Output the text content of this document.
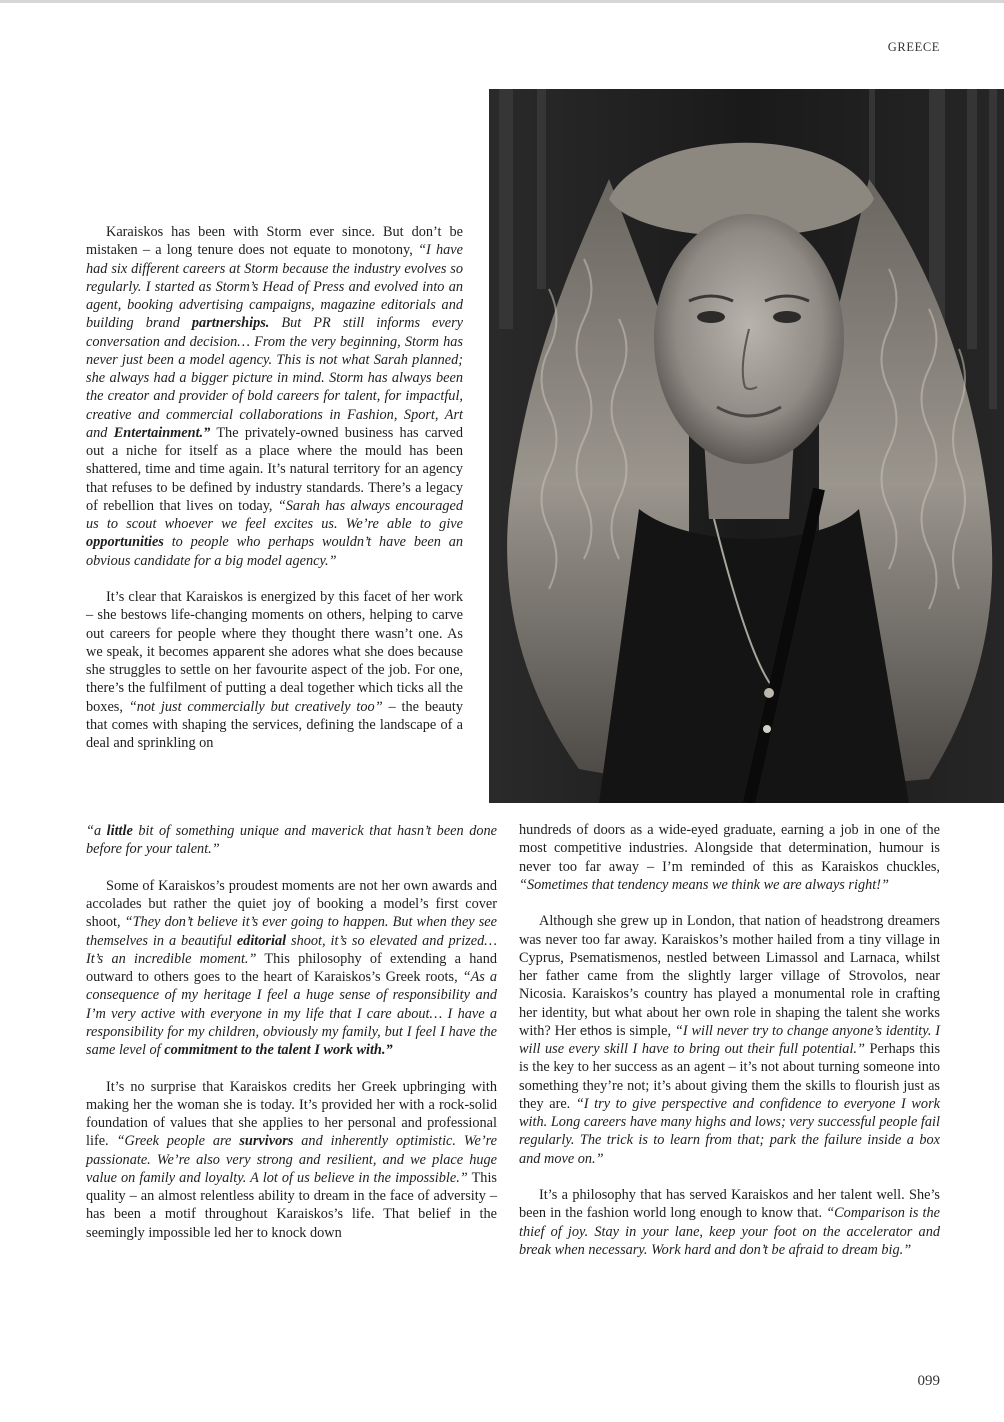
GREECE

Karaiskos has been with Storm ever since. But don’t be mistaken – a long tenure does not equate to monotony, “I have had six different careers at Storm because the industry evolves so regularly. I started as Storm’s Head of Press and evolved into an agent, booking advertising campaigns, magazine editorials and building brand partnerships. But PR still informs every conversation and decision… From the very beginning, Storm has never just been a model agency. This is not what Sarah planned; she always had a bigger picture in mind. Storm has always been the creator and provider of bold careers for talent, for impactful, creative and commercial collaborations in Fashion, Sport, Art and Entertainment.” The privately-owned business has carved out a niche for itself as a place where the mould has been shattered, time and time again. It’s natural territory for an agency that refuses to be defined by industry standards. There’s a legacy of rebellion that lives on today, “Sarah has always encouraged us to scout whoever we feel excites us. We’re able to give opportunities to people who perhaps wouldn’t have been an obvious candidate for a big model agency.”

It’s clear that Karaiskos is energized by this facet of her work – she bestows life-changing moments on others, helping to carve out careers for people where they thought there wasn’t one. As we speak, it becomes apparent she adores what she does because she struggles to settle on her favourite aspect of the job. For one, there’s the fulfilment of putting a deal together which ticks all the boxes, “not just commercially but creatively too” – the beauty that comes with shaping the services, defining the landscape of a deal and sprinkling on

“a little bit of something unique and maverick that hasn’t been done before for your talent.”

Some of Karaiskos’s proudest moments are not her own awards and accolades but rather the quiet joy of booking a model’s first cover shoot, “They don’t believe it’s ever going to happen. But when they see themselves in a beautiful editorial shoot, it’s so elevated and prized… It’s an incredible moment.” This philosophy of extending a hand outward to others goes to the heart of Karaiskos’s Greek roots, “As a consequence of my heritage I feel a huge sense of responsibility and I’m very active with everyone in my life that I care about… I have a responsibility for my children, obviously my family, but I feel I have the same level of commitment to the talent I work with.”

It’s no surprise that Karaiskos credits her Greek upbringing with making her the woman she is today. It’s provided her with a rock-solid foundation of values that she applies to her personal and professional life. “Greek people are survivors and inherently optimistic. We’re passionate. We’re also very strong and resilient, and we place huge value on family and loyalty. A lot of us believe in the impossible.” This quality – an almost relentless ability to dream in the face of adversity – has been a motif throughout Karaiskos’s life. That belief in the seemingly impossible led her to knock down

hundreds of doors as a wide-eyed graduate, earning a job in one of the most competitive industries. Alongside that determination, humour is never too far away – I’m reminded of this as Karaiskos chuckles, “Sometimes that tendency means we think we are always right!”

Although she grew up in London, that nation of headstrong dreamers was never too far away. Karaiskos’s mother hailed from a tiny village in Cyprus, Psematismenos, nestled between Limassol and Larnaca, whilst her father came from the slightly larger village of Strovolos, near Nicosia. Karaiskos’s country has played a monumental role in crafting her identity, but what about her own role in shaping the talent she works with? Her ethos is simple, “I will never try to change anyone’s identity. I will use every skill I have to bring out their full potential.” Perhaps this is the key to her success as an agent – it’s not about turning someone into something they’re not; it’s about giving them the skills to flourish just as they are. “I try to give perspective and confidence to everyone I work with. Long careers have many highs and lows; very successful people fail regularly. The trick is to learn from that; park the failure inside a box and move on.”

It’s a philosophy that has served Karaiskos and her talent well. She’s been in the fashion world long enough to know that. “Comparison is the thief of joy. Stay in your lane, keep your foot on the accelerator and break when necessary. Work hard and don’t be afraid to dream big.”

099
